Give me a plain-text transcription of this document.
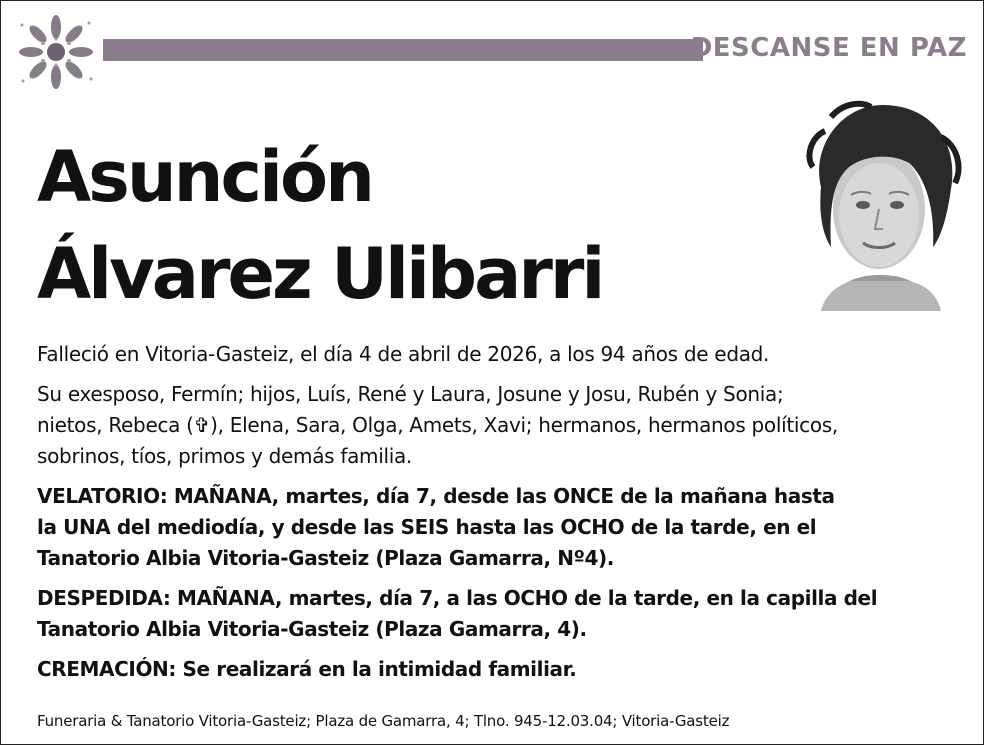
DESCANSE EN PAZ
Asunción
Álvarez Ulibarri
Falleció en Vitoria-Gasteiz, el día 4 de abril de 2026, a los 94 años de edad.
Su exesposo, Fermín; hijos, Luís, René y Laura, Josune y Josu, Rubén y Sonia;
nietos, Rebeca (✞), Elena, Sara, Olga, Amets, Xavi; hermanos, hermanos políticos,
sobrinos, tíos, primos y demás familia.
VELATORIO: MAÑANA, martes, día 7, desde las ONCE de la mañana hasta
la UNA del mediodía, y desde las SEIS hasta las OCHO de la tarde, en el
Tanatorio Albia Vitoria-Gasteiz (Plaza Gamarra, Nº4).
DESPEDIDA: MAÑANA, martes, día 7, a las OCHO de la tarde, en la capilla del
Tanatorio Albia Vitoria-Gasteiz (Plaza Gamarra, 4).
CREMACIÓN: Se realizará en la intimidad familiar.
Funeraria & Tanatorio Vitoria-Gasteiz; Plaza de Gamarra, 4; Tlno. 945-12.03.04; Vitoria-Gasteiz
